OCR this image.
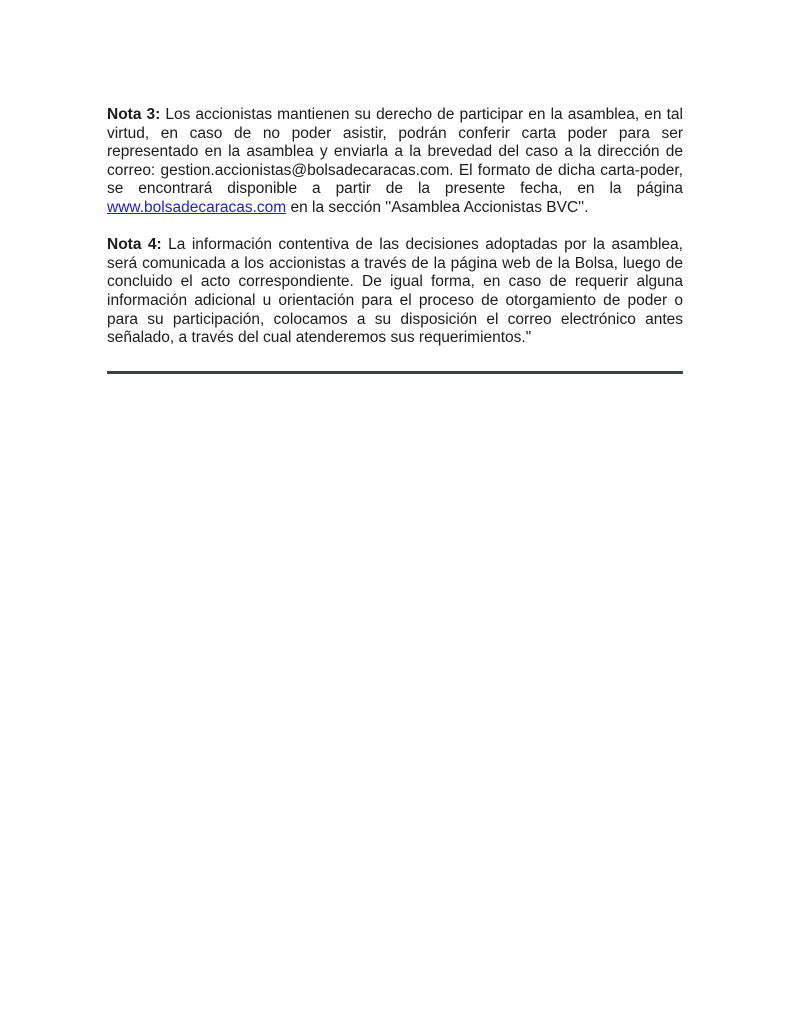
Nota 3: Los accionistas mantienen su derecho de participar en la asamblea, en tal virtud, en caso de no poder asistir, podrán conferir carta poder para ser representado en la asamblea y enviarla a la brevedad del caso a la dirección de correo: gestion.accionistas@bolsadecaracas.com. El formato de dicha carta-poder, se encontrará disponible a partir de la presente fecha, en la página www.bolsadecaracas.com en la sección ''Asamblea Accionistas BVC''.

Nota 4: La información contentiva de las decisiones adoptadas por la asamblea, será comunicada a los accionistas a través de la página web de la Bolsa, luego de concluido el acto correspondiente. De igual forma, en caso de requerir alguna información adicional u orientación para el proceso de otorgamiento de poder o para su participación, colocamos a su disposición el correo electrónico antes señalado, a través del cual atenderemos sus requerimientos."
